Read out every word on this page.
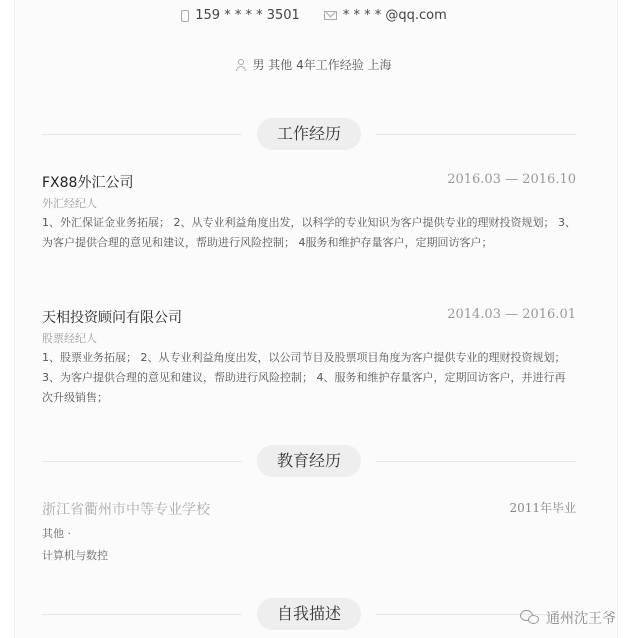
159 * * * * 3501	* * * * @qq.com
男 其他 4年工作经验 上海
工作经历
FX88外汇公司	2016.03 — 2016.10
外汇经纪人
1、外汇保证金业务拓展； 2、从专业利益角度出发，以科学的专业知识为客户提供专业的理财投资规划； 3、为客户提供合理的意见和建议，帮助进行风险控制； 4服务和维护存量客户，定期回访客户；
天相投资顾问有限公司	2014.03 — 2016.01
股票经纪人
1、股票业务拓展； 2、从专业利益角度出发，以公司节目及股票项目角度为客户提供专业的理财投资规划； 3、为客户提供合理的意见和建议，帮助进行风险控制； 4、服务和维护存量客户，定期回访客户，并进行再次升级销售；
教育经历
浙江省衢州市中等专业学校	2011年毕业
其他 ·
计算机与数控
自我描述	通州沈王爷
